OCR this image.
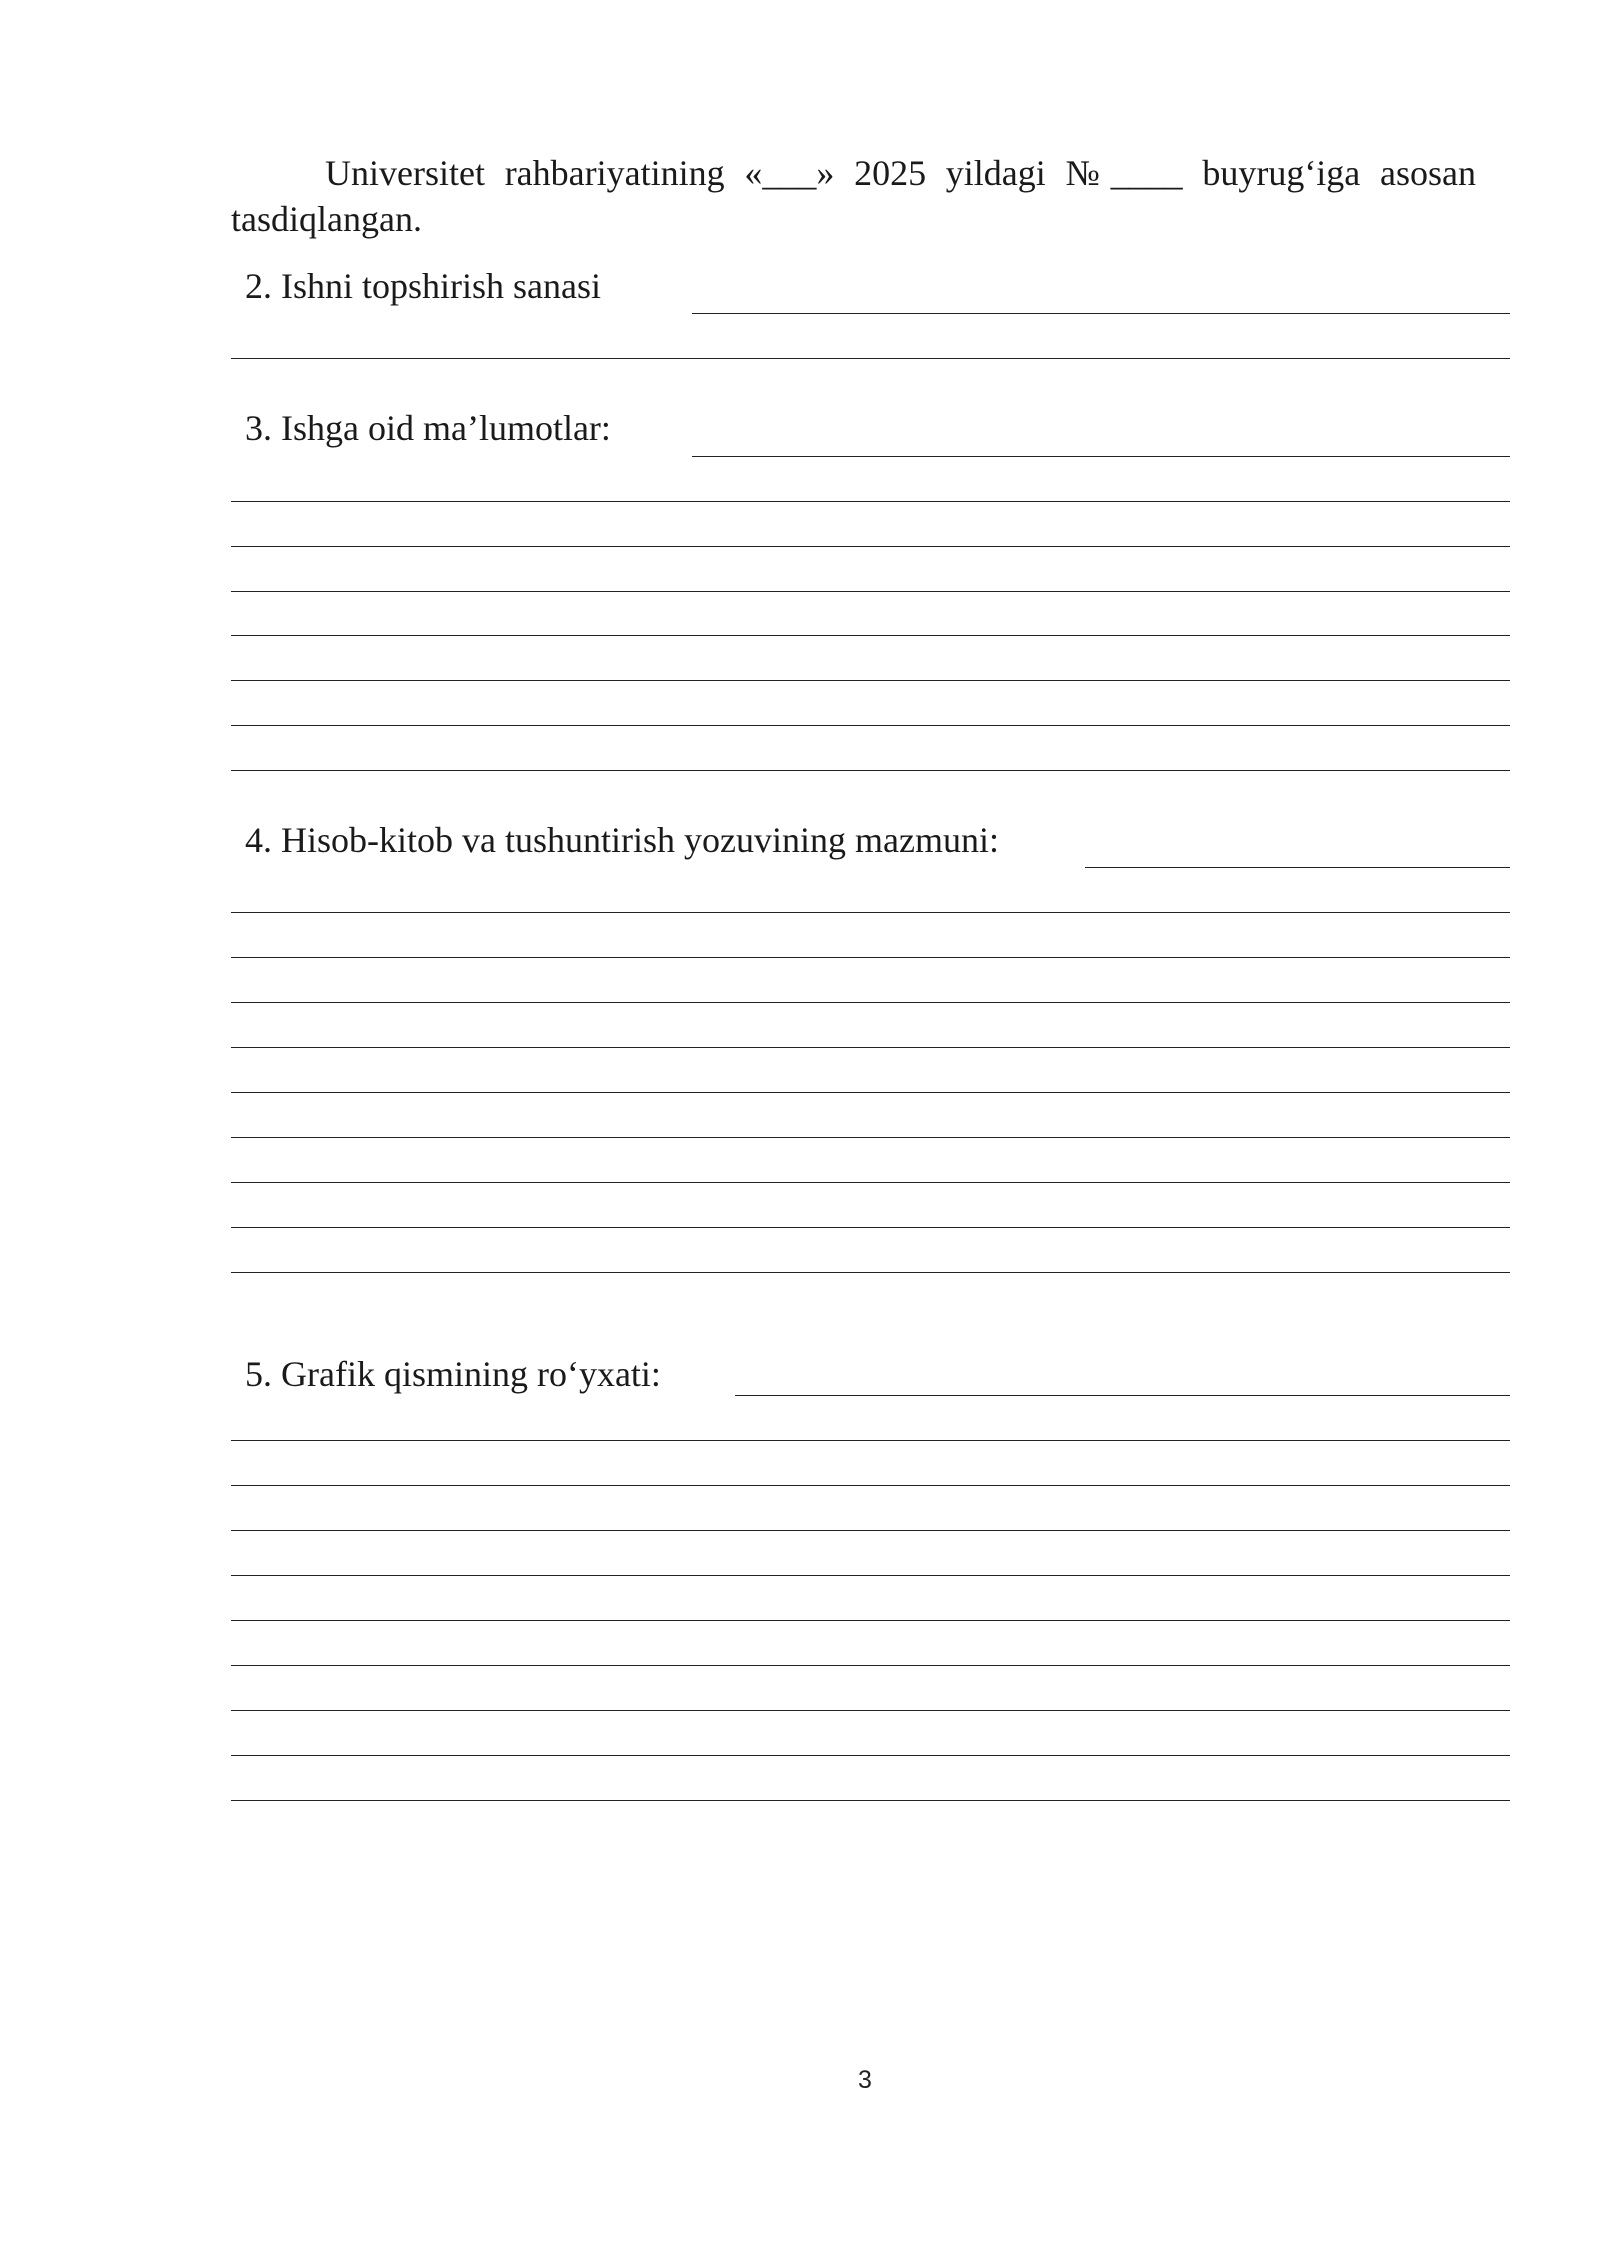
Universitet rahbariyatining «___» 2025 yildagi №____ buyrug‘iga asosan
tasdiqlangan.
2. Ishni topshirish sanasi
3. Ishga oid ma’lumotlar:
4. Hisob-kitob va tushuntirish yozuvining mazmuni:
5. Grafik qismining ro‘yxati:
3
